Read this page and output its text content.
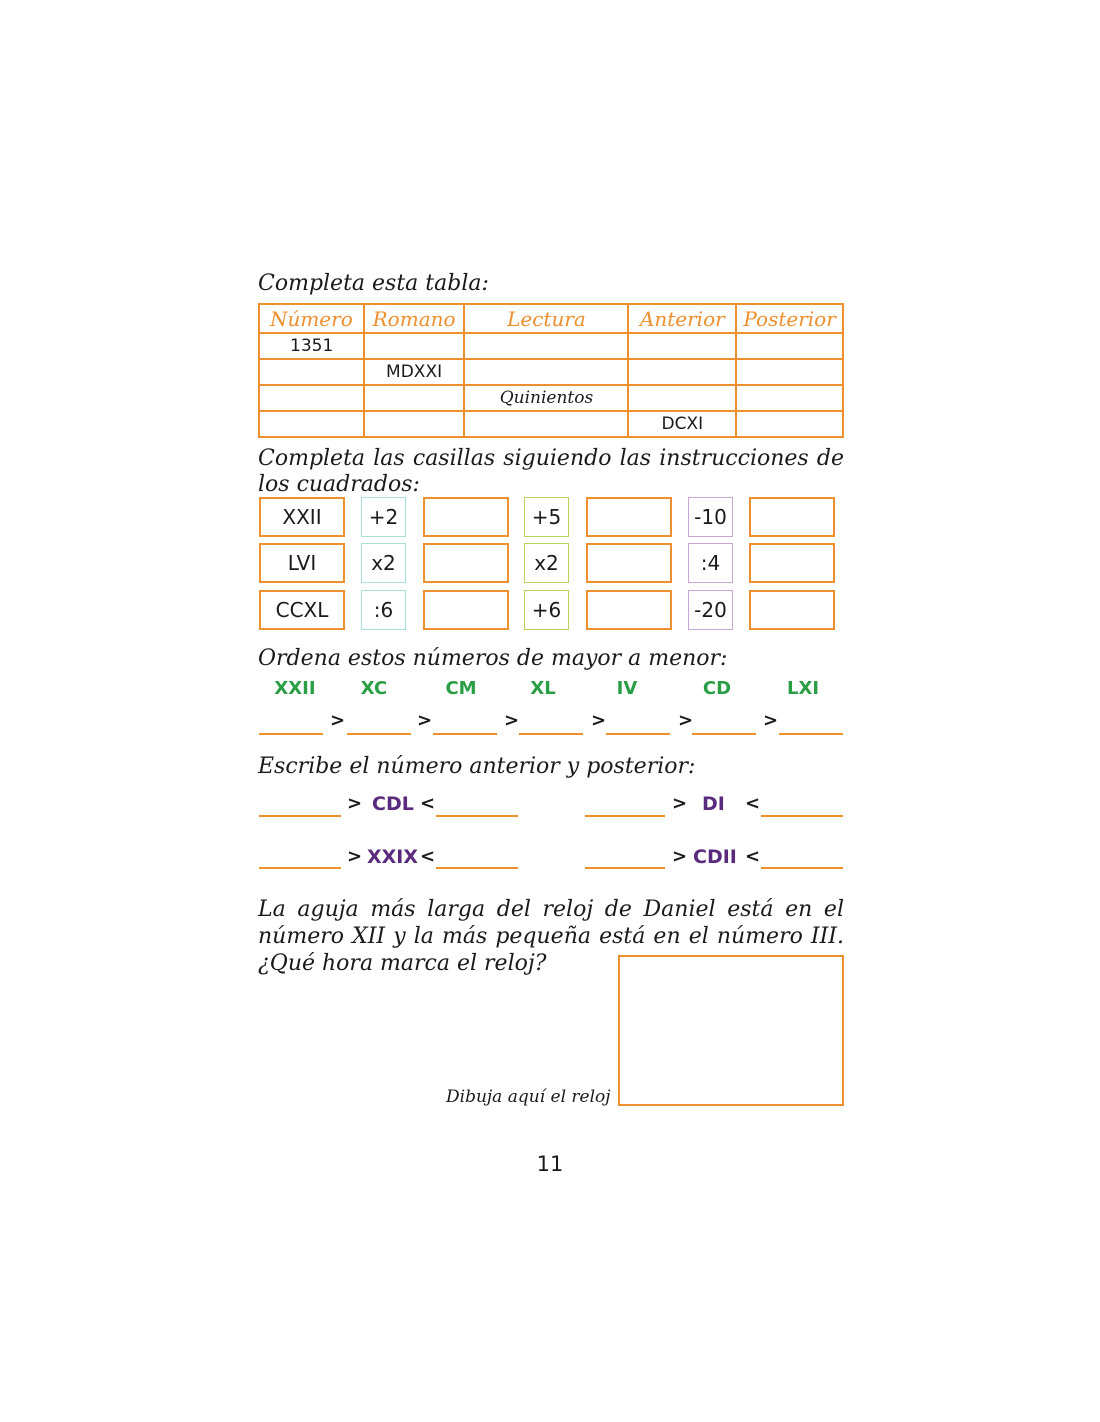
Completa esta tabla:
Número	Romano	Lectura	Anterior	Posterior
1351				
	MDXXI			
		Quinientos		
			DCXI	
Completa las casillas siguiendo las instrucciones de
los cuadrados:
XXII	+2	+5	-10
LVI	x2	x2	:4
CCXL	:6	+6	-20
Ordena estos números de mayor a menor:
XXII	XC	CM	XL	IV	CD	LXI
>	>	>	>	>	>
Escribe el número anterior y posterior:
> CDL <	> DI <
> XXIX <	> CDII <
La aguja más larga del reloj de Daniel está en el
número XII y la más pequeña está en el número III.
¿Qué hora marca el reloj?
Dibuja aquí el reloj
11
